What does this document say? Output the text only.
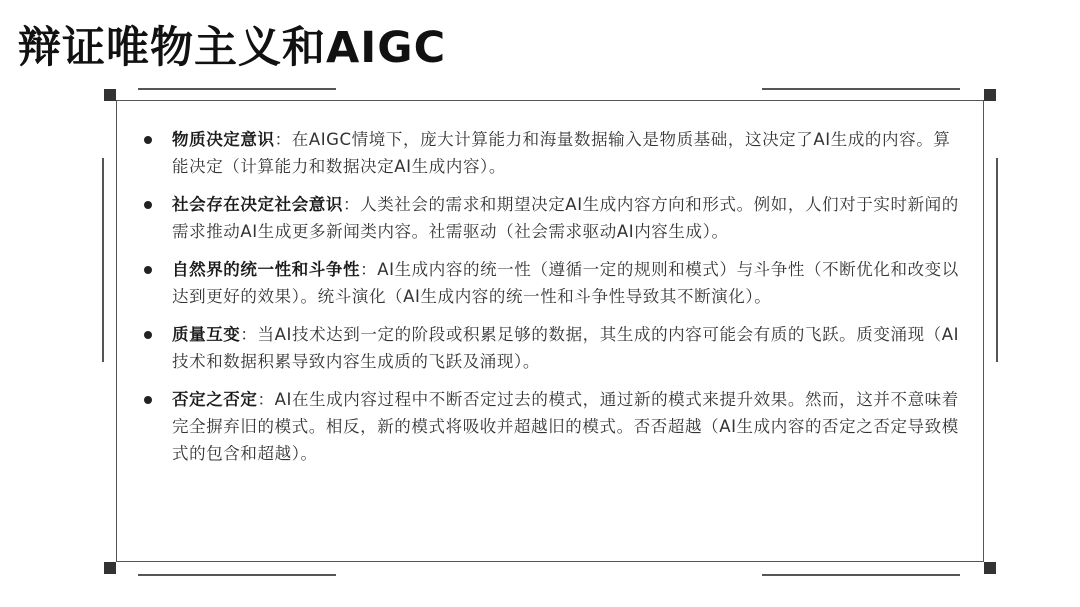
辩证唯物主义和AIGC
物质决定意识：在AIGC情境下，庞大计算能力和海量数据输入是物质基础，这决定了AI生成的内容。算能决定（计算能力和数据决定AI生成内容）。
社会存在决定社会意识：人类社会的需求和期望决定AI生成内容方向和形式。例如，人们对于实时新闻的需求推动AI生成更多新闻类内容。社需驱动（社会需求驱动AI内容生成）。
自然界的统一性和斗争性：AI生成内容的统一性（遵循一定的规则和模式）与斗争性（不断优化和改变以达到更好的效果）。统斗演化（AI生成内容的统一性和斗争性导致其不断演化）。
质量互变：当AI技术达到一定的阶段或积累足够的数据，其生成的内容可能会有质的飞跃。质变涌现（AI技术和数据积累导致内容生成质的飞跃及涌现）。
否定之否定：AI在生成内容过程中不断否定过去的模式，通过新的模式来提升效果。然而，这并不意味着完全摒弃旧的模式。相反，新的模式将吸收并超越旧的模式。否否超越（AI生成内容的否定之否定导致模式的包含和超越）。
